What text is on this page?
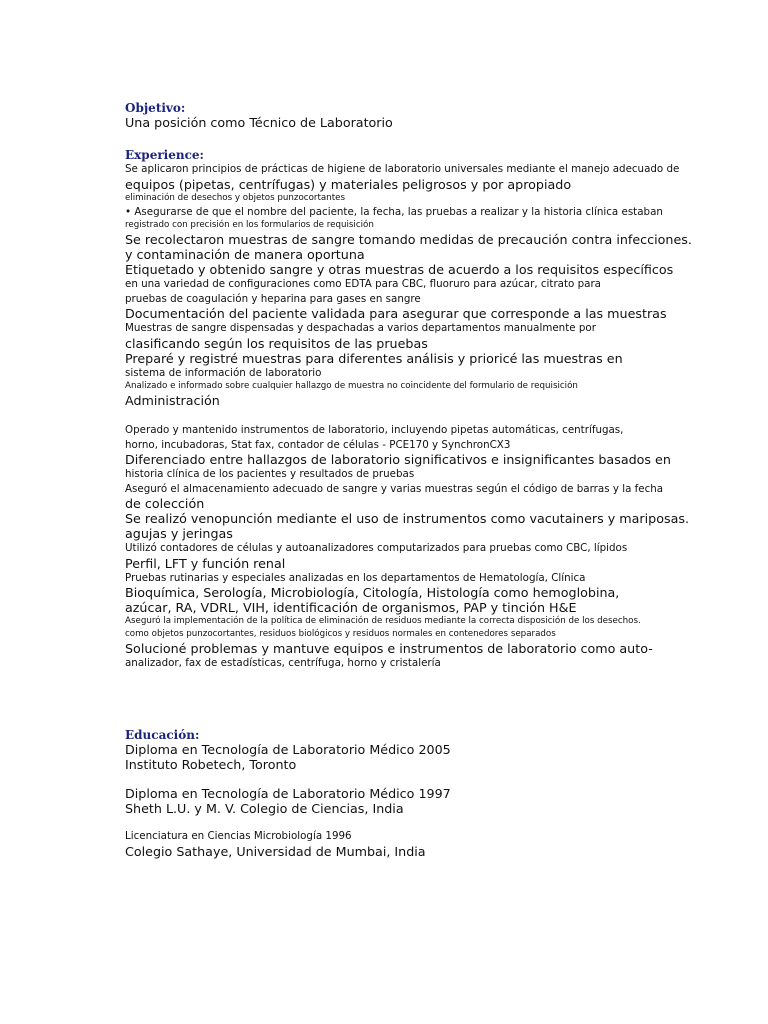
Objetivo:

Una posición como Técnico de Laboratorio

Experience:

Se aplicaron principios de prácticas de higiene de laboratorio universales mediante el manejo adecuado de

equipos (pipetas, centrífugas) y materiales peligrosos y por apropiado

eliminación de desechos y objetos punzocortantes

• Asegurarse de que el nombre del paciente, la fecha, las pruebas a realizar y la historia clínica estaban

registrado con precisión en los formularios de requisición

Se recolectaron muestras de sangre tomando medidas de precaución contra infecciones.

y contaminación de manera oportuna

Etiquetado y obtenido sangre y otras muestras de acuerdo a los requisitos específicos

en una variedad de configuraciones como EDTA para CBC, fluoruro para azúcar, citrato para

pruebas de coagulación y heparina para gases en sangre

Documentación del paciente validada para asegurar que corresponde a las muestras

Muestras de sangre dispensadas y despachadas a varios departamentos manualmente por

clasificando según los requisitos de las pruebas

Preparé y registré muestras para diferentes análisis y prioricé las muestras en

sistema de información de laboratorio

Analizado e informado sobre cualquier hallazgo de muestra no coincidente del formulario de requisición

Administración

Operado y mantenido instrumentos de laboratorio, incluyendo pipetas automáticas, centrífugas,

horno, incubadoras, Stat fax, contador de células - PCE170 y SynchronCX3

Diferenciado entre hallazgos de laboratorio significativos e insignificantes basados en

historia clínica de los pacientes y resultados de pruebas

Aseguró el almacenamiento adecuado de sangre y varias muestras según el código de barras y la fecha

de colección

Se realizó venopunción mediante el uso de instrumentos como vacutainers y mariposas.

agujas y jeringas

Utilizó contadores de células y autoanalizadores computarizados para pruebas como CBC, lípidos

Perfil, LFT y función renal

Pruebas rutinarias y especiales analizadas en los departamentos de Hematología, Clínica

Bioquímica, Serología, Microbiología, Citología, Histología como hemoglobina,

azúcar, RA, VDRL, VIH, identificación de organismos, PAP y tinción H&E

Aseguró la implementación de la política de eliminación de residuos mediante la correcta disposición de los desechos.

como objetos punzocortantes, residuos biológicos y residuos normales en contenedores separados

Solucioné problemas y mantuve equipos e instrumentos de laboratorio como auto-

analizador, fax de estadísticas, centrífuga, horno y cristalería

Educación:

Diploma en Tecnología de Laboratorio Médico 2005

Instituto Robetech, Toronto

Diploma en Tecnología de Laboratorio Médico 1997

Sheth L.U. y M. V. Colegio de Ciencias, India

Licenciatura en Ciencias Microbiología 1996

Colegio Sathaye, Universidad de Mumbai, India
